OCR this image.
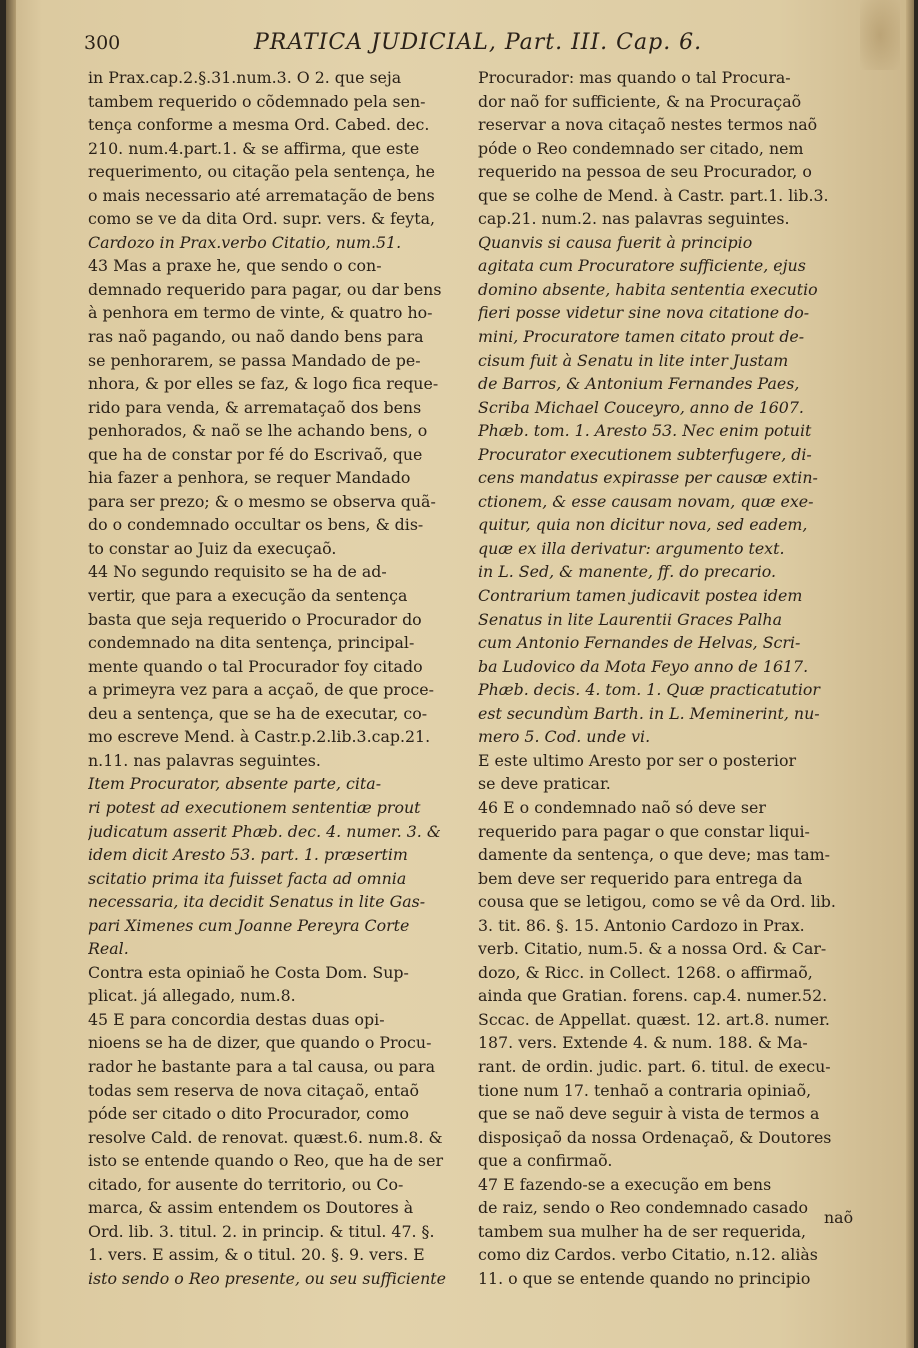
300	PRATICA JUDICIAL, Part. III. Cap. 6.

in Prax.cap.2.§.31.num.3. O 2. que seja

tambem requerido o cõdemnado pela sen-

tença conforme a mesma Ord. Cabed. dec.

210. num.4.part.1. & se affirma, que este

requerimento, ou citação pela sentença, he

o mais necessario até arrematação de bens

como se ve da dita Ord. supr. vers. & feyta,

Cardozo in Prax.verbo Citatio, num.51.

43 Mas a praxe he, que sendo o con-

demnado requerido para pagar, ou dar bens

à penhora em termo de vinte, & quatro ho-

ras naõ pagando, ou naõ dando bens para

se penhorarem, se passa Mandado de pe-

nhora, & por elles se faz, & logo fica reque-

rido para venda, & arremataçaõ dos bens

penhorados, & naõ se lhe achando bens, o

que ha de constar por fé do Escrivaõ, que

hia fazer a penhora, se requer Mandado

para ser prezo; & o mesmo se observa quã-

do o condemnado occultar os bens, & dis-

to constar ao Juiz da execuçaõ.

44 No segundo requisito se ha de ad-

vertir, que para a execução da sentença

basta que seja requerido o Procurador do

condemnado na dita sentença, principal-

mente quando o tal Procurador foy citado

a primeyra vez para a acçaõ, de que proce-

deu a sentença, que se ha de executar, co-

mo escreve Mend. à Castr.p.2.lib.3.cap.21.

n.11. nas palavras seguintes.

Item Procurator, absente parte, cita-

ri potest ad executionem sententiæ prout

judicatum asserit Phæb. dec. 4. numer. 3. &

idem dicit Aresto 53. part. 1. præsertim

scitatio prima ita fuisset facta ad omnia

necessaria, ita decidit Senatus in lite Gas-

pari Ximenes cum Joanne Pereyra Corte

Real.

Contra esta opiniaõ he Costa Dom. Sup-

plicat. já allegado, num.8.

45 E para concordia destas duas opi-

nioens se ha de dizer, que quando o Procu-

rador he bastante para a tal causa, ou para

todas sem reserva de nova citaçaõ, entaõ

póde ser citado o dito Procurador, como

resolve Cald. de renovat. quæst.6. num.8. &

isto se entende quando o Reo, que ha de ser

citado, for ausente do territorio, ou Co-

marca, & assim entendem os Doutores à

Ord. lib. 3. titul. 2. in princip. & titul. 47. §.

1. vers. E assim, & o titul. 20. §. 9. vers. E

isto sendo o Reo presente, ou seu sufficiente

Procurador: mas quando o tal Procura-

dor naõ for sufficiente, & na Procuraçaõ

reservar a nova citaçaõ nestes termos naõ

póde o Reo condemnado ser citado, nem

requerido na pessoa de seu Procurador, o

que se colhe de Mend. à Castr. part.1. lib.3.

cap.21. num.2. nas palavras seguintes.

Quanvis si causa fuerit à principio

agitata cum Procuratore sufficiente, ejus

domino absente, habita sententia executio

fieri posse videtur sine nova citatione do-

mini, Procuratore tamen citato prout de-

cisum fuit à Senatu in lite inter Justam

de Barros, & Antonium Fernandes Paes,

Scriba Michael Couceyro, anno de 1607.

Phæb. tom. 1. Aresto 53. Nec enim potuit

Procurator executionem subterfugere, di-

cens mandatus expirasse per causæ extin-

ctionem, & esse causam novam, quæ exe-

quitur, quia non dicitur nova, sed eadem,

quæ ex illa derivatur: argumento text.

in L. Sed, & manente, ff. do precario.

Contrarium tamen judicavit postea idem

Senatus in lite Laurentii Graces Palha

cum Antonio Fernandes de Helvas, Scri-

ba Ludovico da Mota Feyo anno de 1617.

Phæb. decis. 4. tom. 1. Quæ practicatutior

est secundùm Barth. in L. Meminerint, nu-

mero 5. Cod. unde vi.

E este ultimo Aresto por ser o posterior

se deve praticar.

46 E o condemnado naõ só deve ser

requerido para pagar o que constar liqui-

damente da sentença, o que deve; mas tam-

bem deve ser requerido para entrega da

cousa que se letigou, como se vê da Ord. lib.

3. tit. 86. §. 15. Antonio Cardozo in Prax.

verb. Citatio, num.5. & a nossa Ord. & Car-

dozo, & Ricc. in Collect. 1268. o affirmaõ,

ainda que Gratian. forens. cap.4. numer.52.

Sccac. de Appellat. quæst. 12. art.8. numer.

187. vers. Extende 4. & num. 188. & Ma-

rant. de ordin. judic. part. 6. titul. de execu-

tione num 17. tenhaõ a contraria opiniaõ,

que se naõ deve seguir à vista de termos a

disposiçaõ da nossa Ordenaçaõ, & Doutores

que a confirmaõ.

47 E fazendo-se a execução em bens

de raiz, sendo o Reo condemnado casado

tambem sua mulher ha de ser requerida,

como diz Cardos. verbo Citatio, n.12. aliàs

11. o que se entende quando no principio

naõ
